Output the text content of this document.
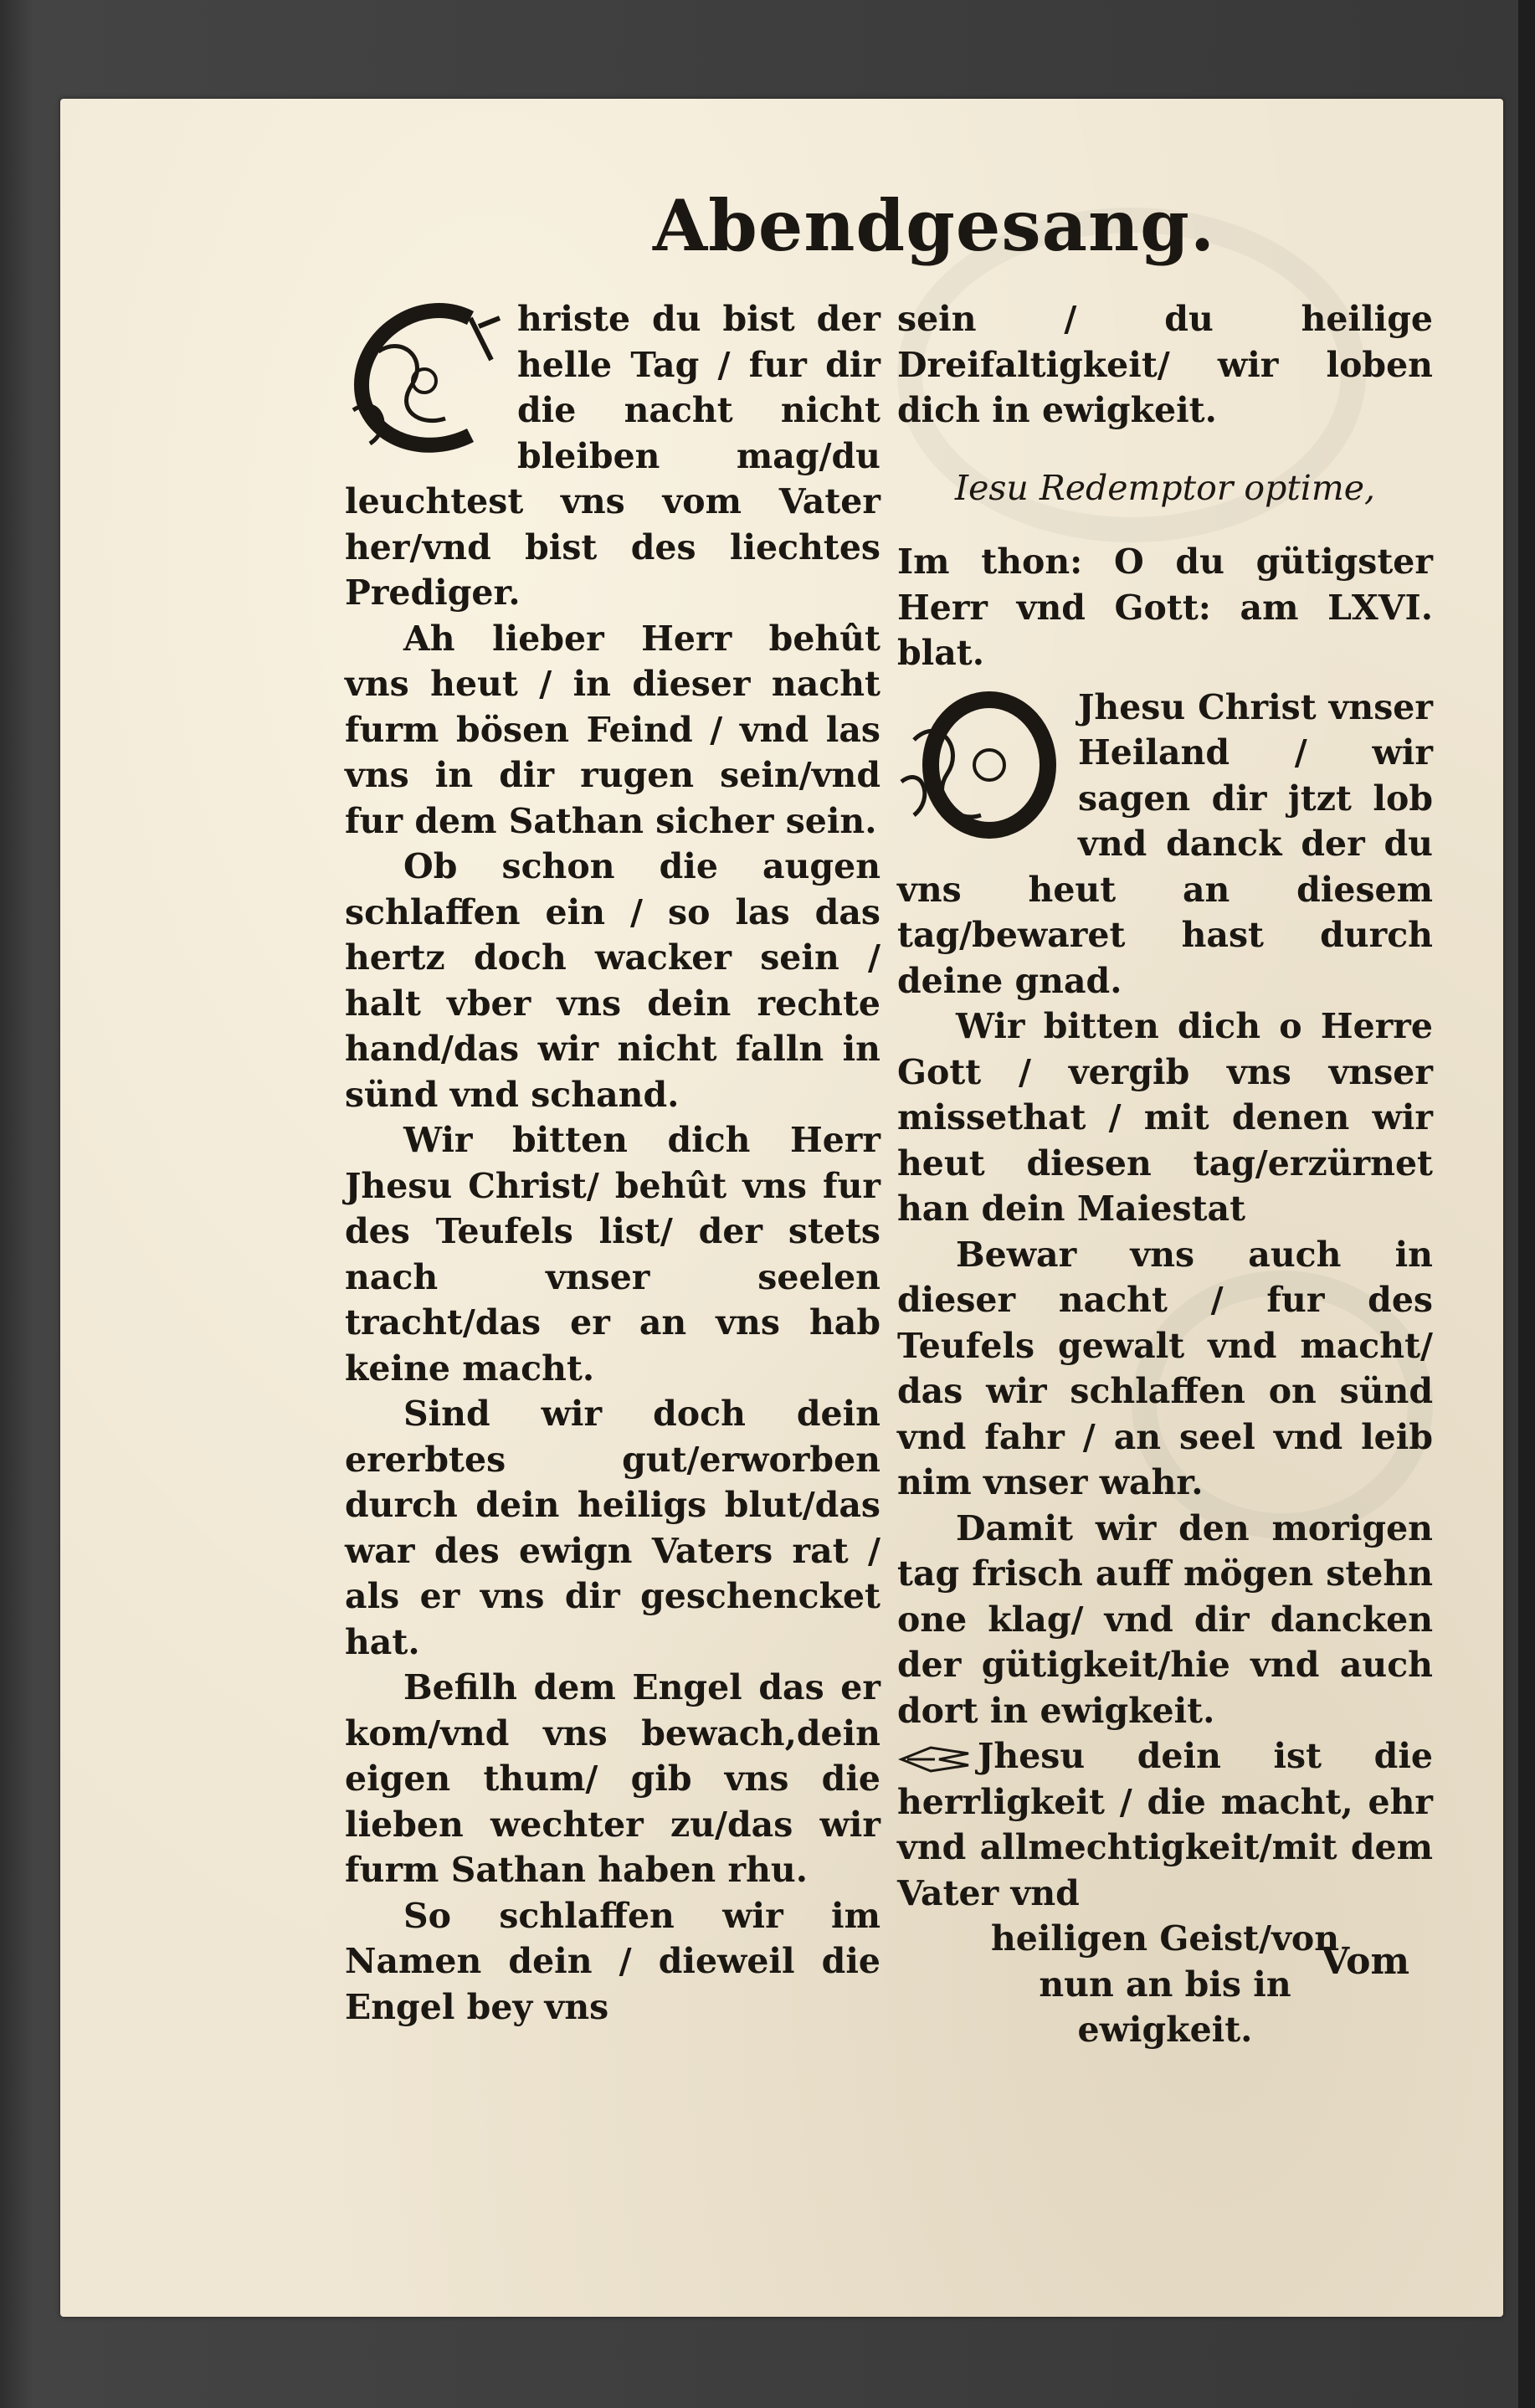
Abendgesang.

hriste du bist der helle Tag / fur dir die nacht nicht bleiben mag/du leuchtest vns vom Vater her/vnd bist des liechtes Prediger.

Ah lieber Herr behût vns heut / in dieser nacht furm bösen Feind / vnd las vns in dir rugen sein/vnd fur dem Sathan sicher sein.

Ob schon die augen schlaffen ein / so las das hertz doch wacker sein / halt vber vns dein rechte hand/das wir nicht falln in sünd vnd schand.

Wir bitten dich Herr Jhesu Christ/ behût vns fur des Teufels list/ der stets nach vnser seelen tracht/das er an vns hab keine macht.

Sind wir doch dein ererbtes gut/erworben durch dein heiligs blut/das war des ewign Vaters rat / als er vns dir geschencket hat.

Befilh dem Engel das er kom/vnd vns bewach,dein eigen thum/ gib vns die lieben wechter zu/das wir furm Sathan haben rhu.

So schlaffen wir im Namen dein / dieweil die Engel bey vns

sein / du heilige Dreifaltigkeit/ wir loben dich in ewigkeit.

Iesu Redemptor optime,

Im thon: O du gütigster Herr vnd Gott: am LXVI. blat.

Jhesu Christ vnser Heiland / wir sagen dir jtzt lob vnd danck der du vns heut an diesem tag/bewaret hast durch deine gnad.

Wir bitten dich o Herre Gott / vergib vns vnser missethat / mit denen wir heut diesen tag/erzürnet han dein Maiestat

Bewar vns auch in dieser nacht / fur des Teufels gewalt vnd macht/ das wir schlaffen on sünd vnd fahr / an seel vnd leib nim vnser wahr.

Damit wir den morigen tag frisch auff mögen stehn one klag/ vnd dir dancken der gütigkeit/hie vnd auch dort in ewigkeit.

Jhesu dein ist die herrligkeit / die macht, ehr vnd allmechtigkeit/mit dem Vater vnd

heiligen Geist/von nun an bis in ewigkeit.

Vom
